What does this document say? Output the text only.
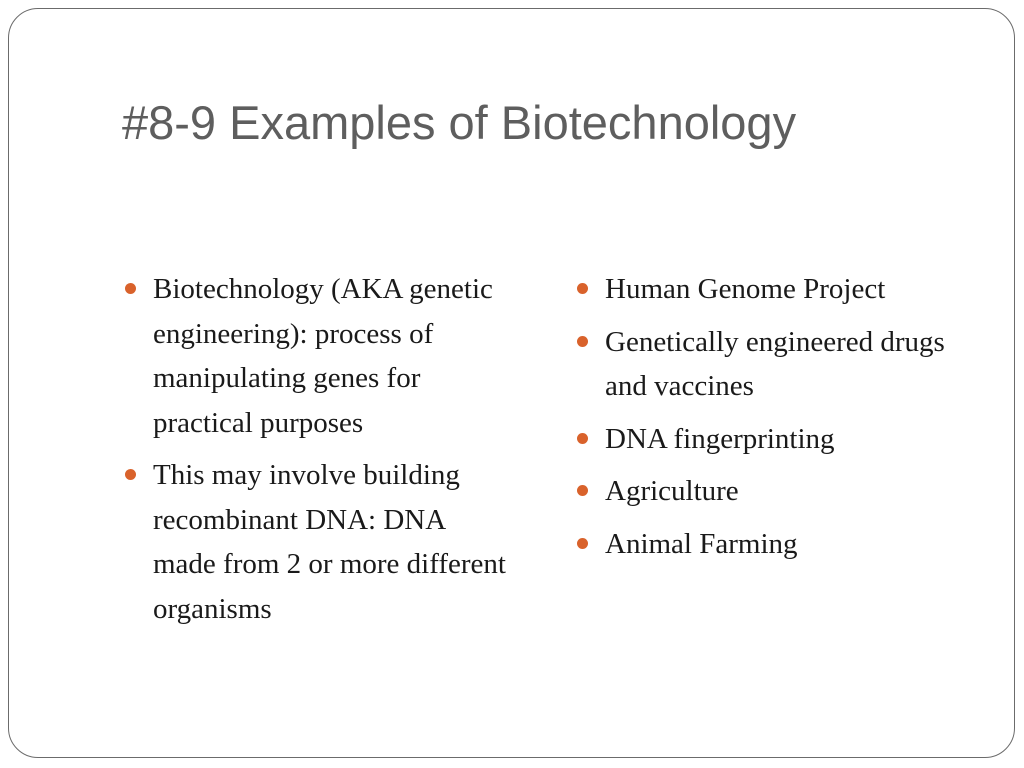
#8-9 Examples of Biotechnology
Biotechnology (AKA genetic engineering): process of manipulating genes for practical purposes
This may involve building recombinant DNA: DNA made from 2 or more different organisms
Human Genome Project
Genetically engineered drugs and vaccines
DNA fingerprinting
Agriculture
Animal Farming
